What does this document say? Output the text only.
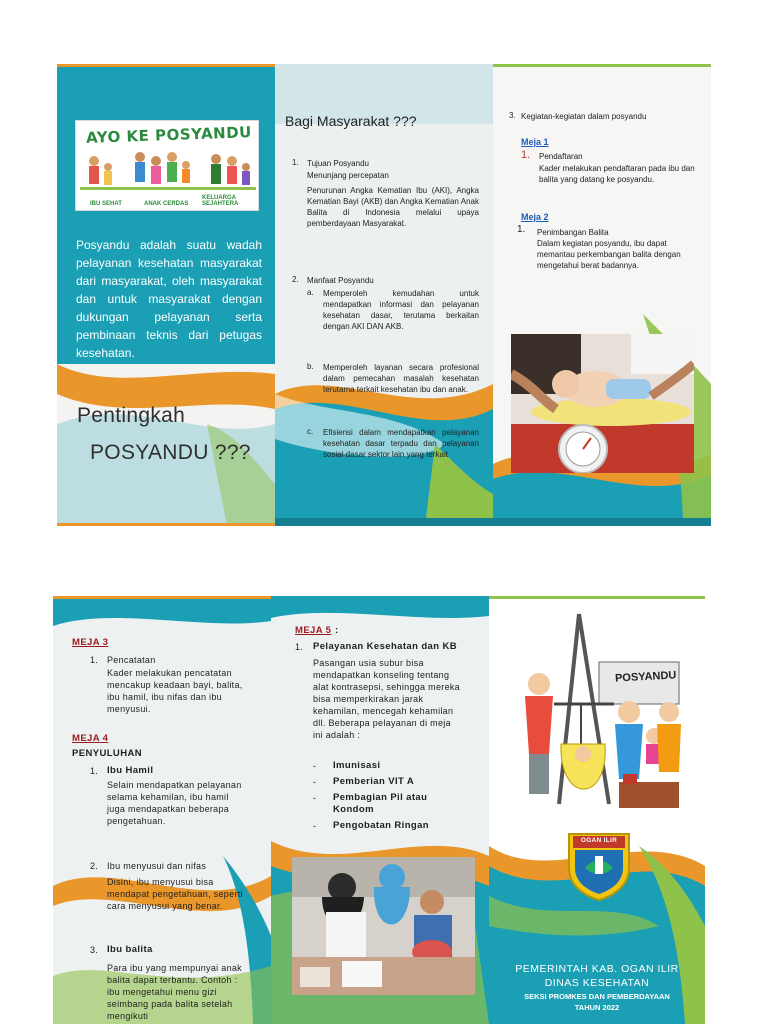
AYO KE POSYANDU
IBU SEHAT	ANAK CERDAS
KELUARGA SEJAHTERA
Posyandu adalah suatu wadah pelayanan kesehatan masyarakat dari masyarakat, oleh masyarakat dan untuk masyarakat dengan dukungan pelayanan serta pembinaan teknis dari petugas kesehatan.
Pentingkah
POSYANDU ???
Bagi Masyarakat ???
1. Tujuan Posyandu
Menunjang percepatan
Penurunan Angka Kematian Ibu (AKI), Angka Kematian Bayi (AKB) dan Angka Kematian Anak Balita di Indonesia melalui upaya pemberdayaan Masyarakat.
2. Manfaat Posyandu
a. Memperoleh kemudahan untuk mendapatkan informasi dan pelayanan kesehatan dasar, terutama berkaitan dengan AKI DAN AKB.
b. Memperoleh layanan secara profesional dalam pemecahan masalah kesehatan terutama terkait kesehatan ibu dan anak.
c. Efisiensi dalam mendapatkan pelayanan kesehatan dasar terpadu dan pelayanan sosial dasar sektor lain yang terkait
3. Kegiatan-kegiatan dalam posyandu
Meja 1
1. Pendaftaran
Kader melakukan pendaftaran pada ibu dan balita yang datang ke posyandu.
Meja 2
1. Penimbangan Balita
Dalam kegiatan posyandu, ibu dapat memantau perkembangan balita dengan mengetahui berat badannya.
MEJA 3
1. Pencatatan
Kader melakukan pencatatan mencakup keadaan bayi, balita, ibu hamil, ibu nifas dan ibu menyusui.
MEJA 4
PENYULUHAN
1. Ibu Hamil
Selain mendapatkan pelayanan selama kehamilan, ibu hamil juga mendapatkan beberapa pengetahuan.
2. Ibu menyusui dan nifas
Disini, ibu menyusui bisa mendapat pengetahuan, seperti cara menyusui yang benar.
3. Ibu balita
Para ibu yang mempunyai anak balita dapat terbantu. Contoh : ibu mengetahui menu gizi seimbang pada balita setelah mengikuti
MEJA 5 :
1. Pelayanan Kesehatan dan KB
Pasangan usia subur bisa mendapatkan konseling tentang alat kontrasepsi, sehingga mereka bisa memperkirakan jarak kehamilan, mencegah kehamilan dll. Beberapa pelayanan di meja ini adalah :
- Imunisasi
- Pemberian VIT A
- Pembagian Pil atau Kondom
- Pengobatan Ringan
POSYANDU
OGAN ILIR
PEMERINTAH KAB. OGAN ILIR
DINAS KESEHATAN
SEKSI PROMKES DAN PEMBERDAYAAN
TAHUN 2022
